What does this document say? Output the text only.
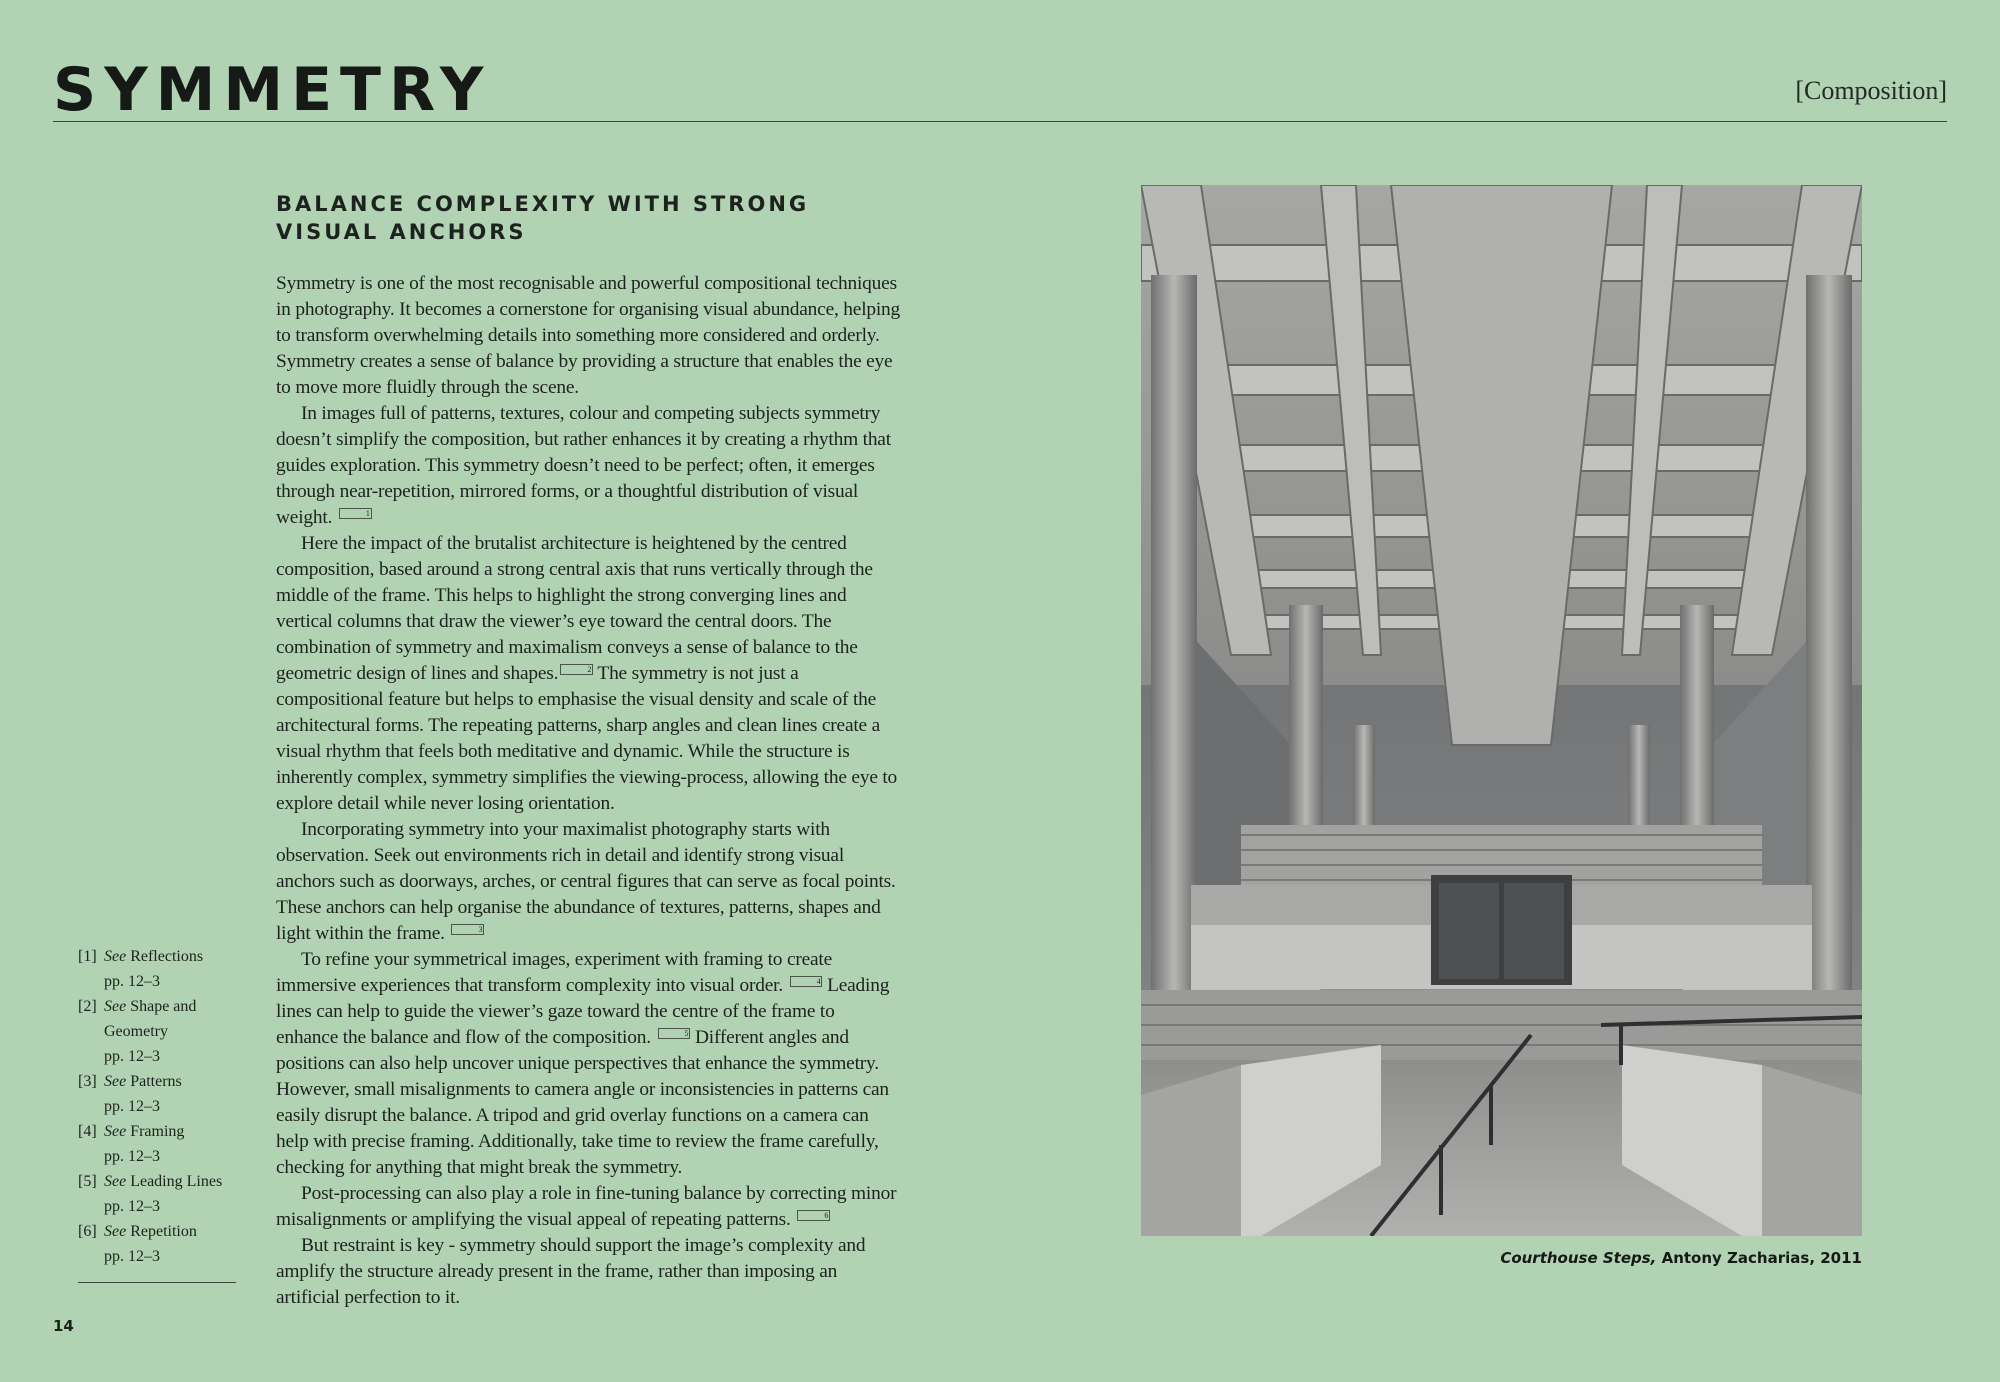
SYMMETRY	[Composition]
BALANCE COMPLEXITY WITH STRONG
VISUAL ANCHORS

Symmetry is one of the most recognisable and powerful compositional techniques in photography. It becomes a cornerstone for organising visual abundance, helping to transform overwhelming details into something more considered and orderly. Symmetry creates a sense of balance by providing a structure that enables the eye to move more fluidly through the scene.

In images full of patterns, textures, colour and competing subjects symmetry doesn’t simplify the composition, but rather enhances it by creating a rhythm that guides exploration. This symmetry doesn’t need to be perfect; often, it emerges through near-repetition, mirrored forms, or a thoughtful distribution of visual weight.	1

Here the impact of the brutalist architecture is heightened by the centred composition, based around a strong central axis that runs vertically through the middle of the frame. This helps to highlight the strong converging lines and vertical columns that draw the viewer’s eye toward the central doors. The combination of symmetry and maximalism conveys a sense of balance to the geometric design of lines and shapes.	2 The symmetry is not just a compositional feature but helps to emphasise the visual density and scale of the architectural forms. The repeating patterns, sharp angles and clean lines create a visual rhythm that feels both meditative and dynamic. While the structure is inherently complex, symmetry simplifies the viewing-process, allowing the eye to explore detail while never losing orientation.

Incorporating symmetry into your maximalist photography starts with observation. Seek out environments rich in detail and identify strong visual anchors such as doorways, arches, or central figures that can serve as focal points. These anchors can help organise the abundance of textures, patterns, shapes and light within the frame.	3

To refine your symmetrical images, experiment with framing to create immersive experiences that transform complexity into visual order.	4 Leading lines can help to guide the viewer’s gaze toward the centre of the frame to enhance the balance and flow of the composition.	5 Different angles and positions can also help uncover unique perspectives that enhance the symmetry. However, small misalignments to camera angle or inconsistencies in patterns can easily disrupt the balance. A tripod and grid overlay functions on a camera can help with precise framing. Additionally, take time to review the frame carefully, checking for anything that might break the symmetry.

Post-processing can also play a role in fine-tuning balance by correcting minor misalignments or amplifying the visual appeal of repeating patterns.	6

But restraint is key - symmetry should support the image’s complexity and amplify the structure already present in the frame, rather than imposing an artificial perfection to it.

[1] See Reflections
pp. 12–3
[2] See Shape and Geometry
pp. 12–3
[3] See Patterns
pp. 12–3
[4] See Framing
pp. 12–3
[5] See Leading Lines
pp. 12–3
[6] See Repetition
pp. 12–3
14
Courthouse Steps, Antony Zacharias, 2011
